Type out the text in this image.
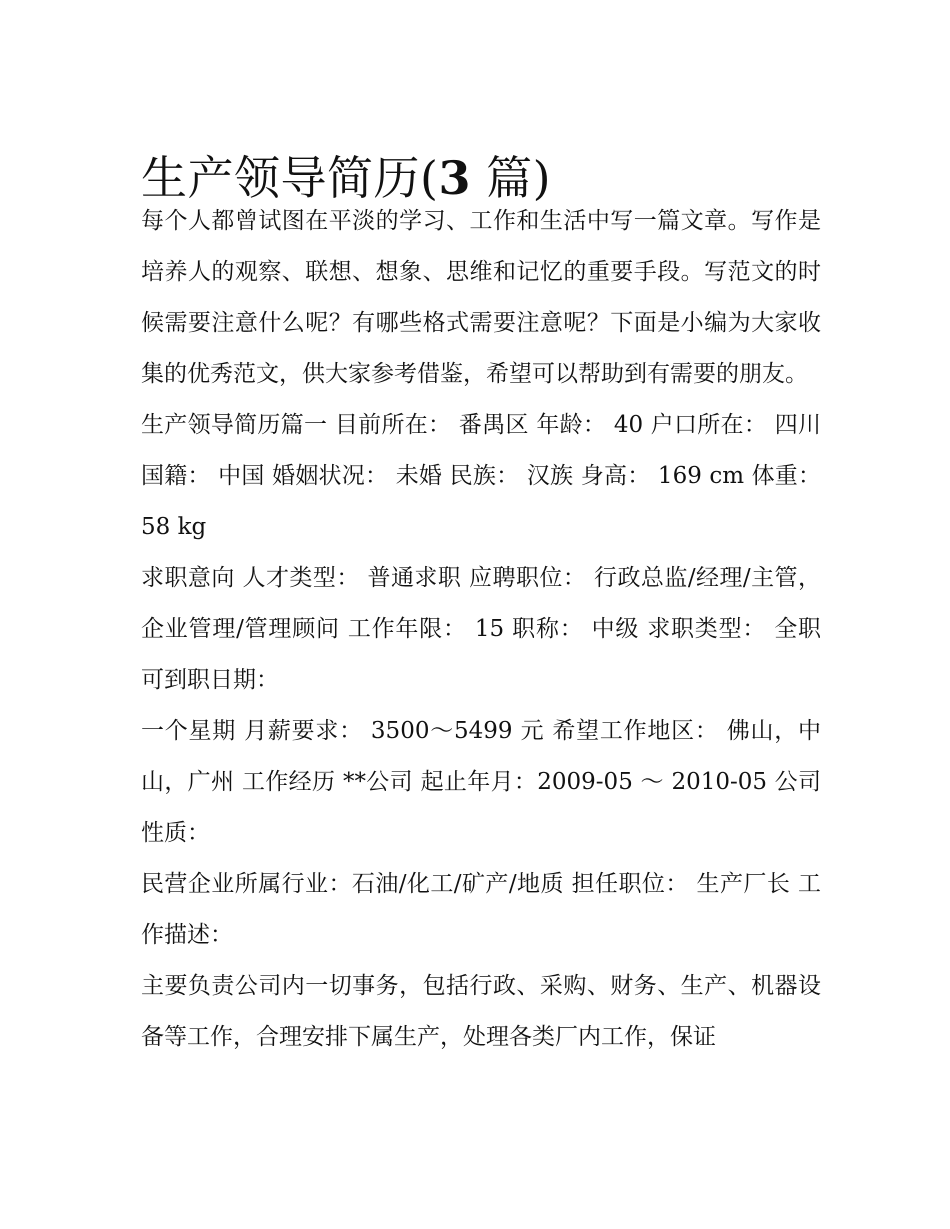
生产领导简历(3 篇)

每个人都曾试图在平淡的学习、工作和生活中写一篇文章。写作是培养人的观察、联想、想象、思维和记忆的重要手段。写范文的时候需要注意什么呢？有哪些格式需要注意呢？下面是小编为大家收集的优秀范文，供大家参考借鉴，希望可以帮助到有需要的朋友。

生产领导简历篇一 目前所在： 番禺区 年龄： 40 户口所在： 四川 国籍： 中国 婚姻状况： 未婚 民族： 汉族 身高： 169 cm 体重： 58 kg

求职意向 人才类型： 普通求职 应聘职位： 行政总监/经理/主管，企业管理/管理顾问 工作年限： 15 职称： 中级 求职类型： 全职 可到职日期：

一个星期 月薪要求： 3500～5499 元 希望工作地区： 佛山，中山，广州 工作经历 **公司 起止年月：2009-05 ～ 2010-05 公司性质：

民营企业所属行业：石油/化工/矿产/地质 担任职位： 生产厂长 工作描述：

主要负责公司内一切事务，包括行政、采购、财务、生产、机器设备等工作，合理安排下属生产，处理各类厂内工作，保证
